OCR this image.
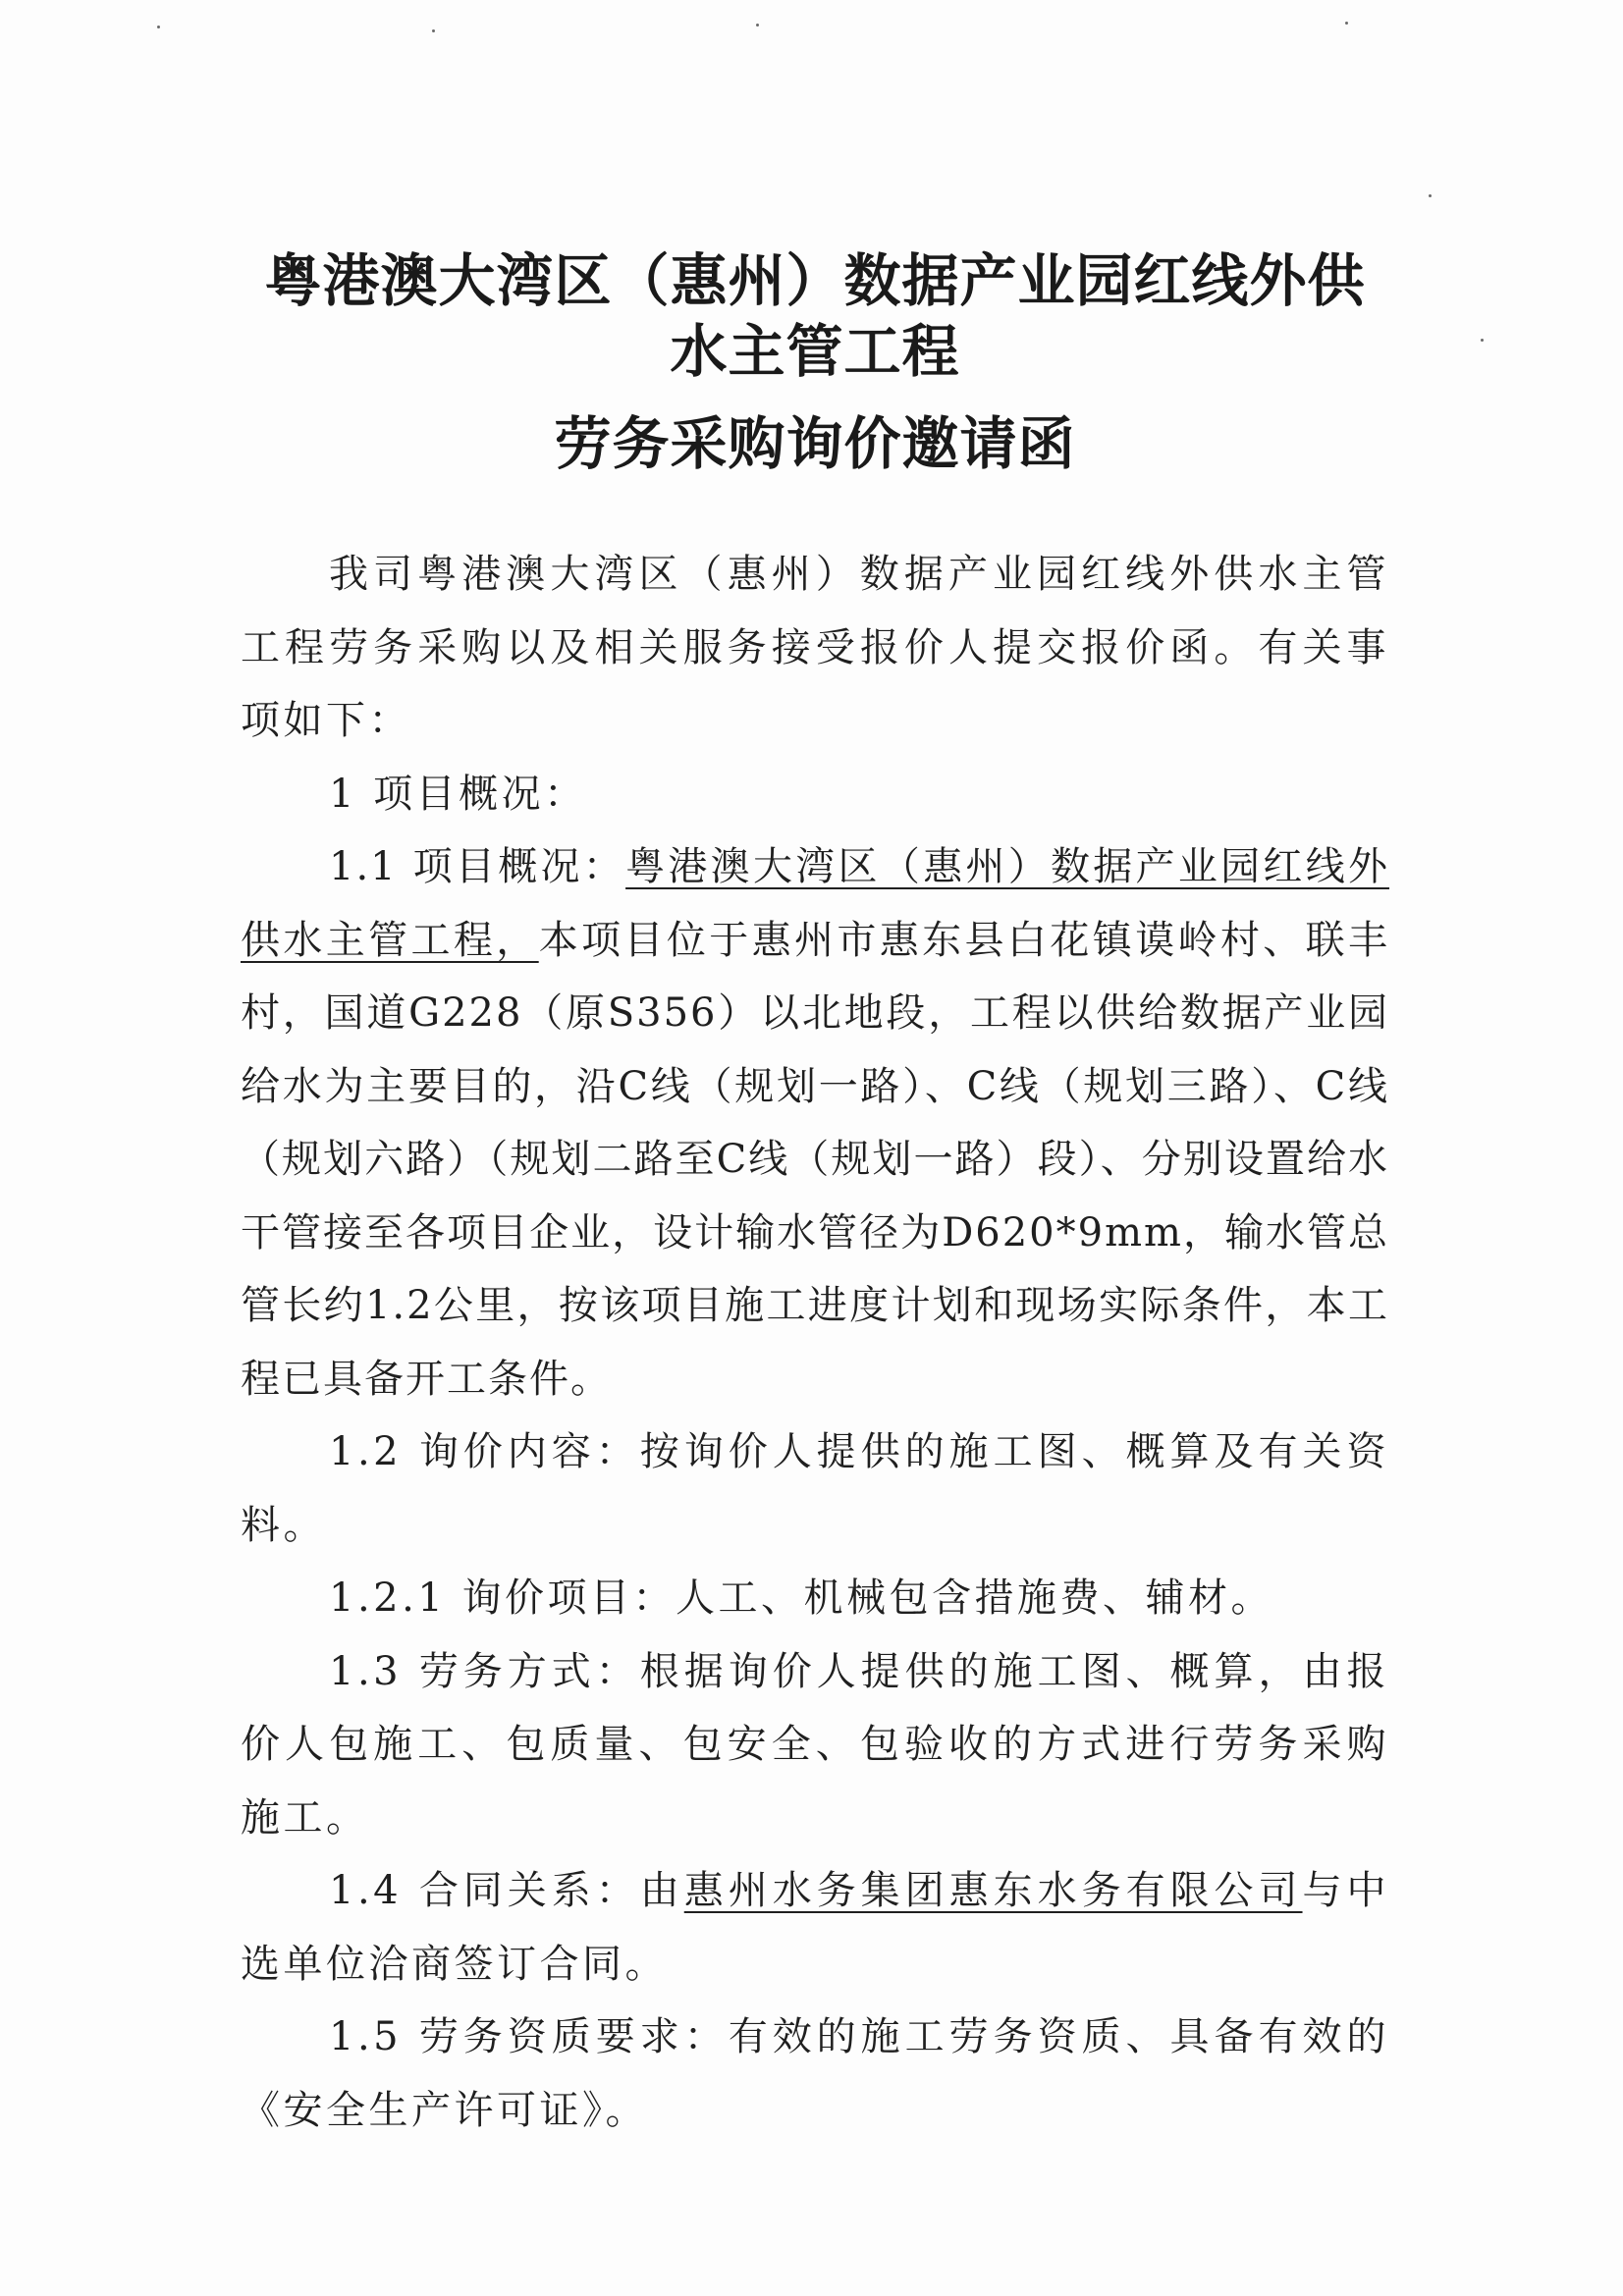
粤港澳大湾区（惠州）数据产业园红线外供
水主管工程
劳务采购询价邀请函

我司粤港澳大湾区（惠州）数据产业园红线外供水主管工程劳务采购以及相关服务接受报价人提交报价函。有关事项如下：

1 项目概况：

1.1 项目概况：粤港澳大湾区（惠州）数据产业园红线外供水主管工程，本项目位于惠州市惠东县白花镇谟岭村、联丰村，国道G228（原S356）以北地段，工程以供给数据产业园给水为主要目的，沿C线（规划一路）、C线（规划三路）、C线（规划六路）（规划二路至C线（规划一路）段）、分别设置给水干管接至各项目企业，设计输水管径为D620*9mm，输水管总管长约1.2公里，按该项目施工进度计划和现场实际条件，本工程已具备开工条件。

1.2 询价内容：按询价人提供的施工图、概算及有关资料。

1.2.1 询价项目：人工、机械包含措施费、辅材。

1.3 劳务方式：根据询价人提供的施工图、概算，由报价人包施工、包质量、包安全、包验收的方式进行劳务采购施工。

1.4 合同关系：由惠州水务集团惠东水务有限公司与中选单位洽商签订合同。

1.5 劳务资质要求：有效的施工劳务资质、具备有效的《安全生产许可证》。
